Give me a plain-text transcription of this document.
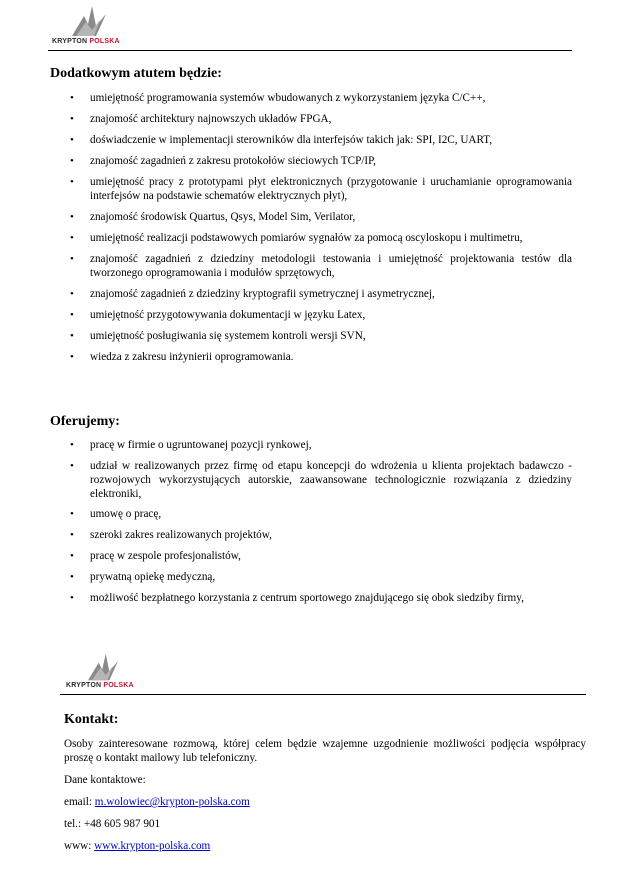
KRYPTON POLSKA
Dodatkowym atutem będzie:
• umiejętność programowania systemów wbudowanych z wykorzystaniem języka C/C++,
• znajomość architektury najnowszych układów FPGA,
• doświadczenie w implementacji sterowników dla interfejsów takich jak: SPI, I2C, UART,
• znajomość zagadnień z zakresu protokołów sieciowych TCP/IP,
• umiejętność pracy z prototypami płyt elektronicznych (przygotowanie i uruchamianie oprogramowania interfejsów na podstawie schematów elektrycznych płyt),
• znajomość środowisk Quartus, Qsys, Model Sim, Verilator,
• umiejętność realizacji podstawowych pomiarów sygnałów za pomocą oscyloskopu i multimetru,
• znajomość zagadnień z dziedziny metodologii testowania i umiejętność projektowania testów dla tworzonego oprogramowania i modułów sprzętowych,
• znajomość zagadnień z dziedziny kryptografii symetrycznej i asymetrycznej,
• umiejętność przygotowywania dokumentacji w języku Latex,
• umiejętność posługiwania się systemem kontroli wersji SVN,
• wiedza z zakresu inżynierii oprogramowania.
Oferujemy:
• pracę w firmie o ugruntowanej pozycji rynkowej,
• udział w realizowanych przez firmę od etapu koncepcji do wdrożenia u klienta projektach badawczo - rozwojowych wykorzystujących autorskie, zaawansowane technologicznie rozwiązania z dziedziny elektroniki,
• umowę o pracę,
• szeroki zakres realizowanych projektów,
• pracę w zespole profesjonalistów,
• prywatną opiekę medyczną,
• możliwość bezpłatnego korzystania z centrum sportowego znajdującego się obok siedziby firmy,
KRYPTON POLSKA
Kontakt:

Osoby zainteresowane rozmową, której celem będzie wzajemne uzgodnienie możliwości podjęcia współpracy proszę o kontakt mailowy lub telefoniczny.

Dane kontaktowe:

email: m.wolowiec@krypton-polska.com

tel.: +48 605 987 901

www: www.krypton-polska.com
